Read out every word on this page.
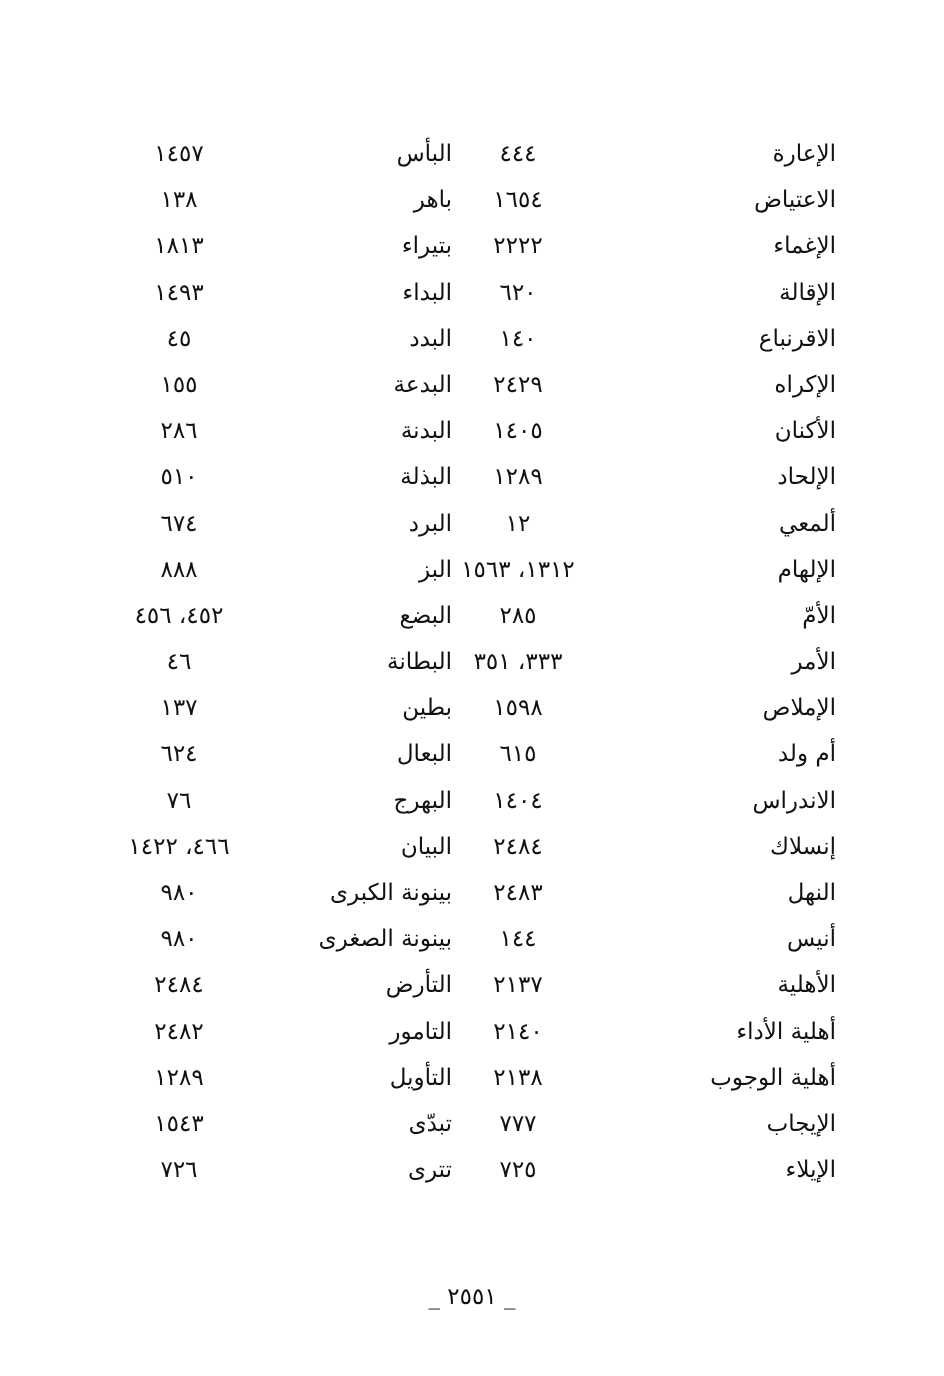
الإعارة
٤٤٤
البأس
١٤٥٧
الاعتياض
١٦٥٤
باهر
١٣٨
الإغماء
٢٢٢٢
بتيراء
١٨١٣
الإقالة
٦٢٠
البداء
١٤٩٣
الاقرنباع
١٤٠
البدد
٤٥
الإكراه
٢٤٢٩
البدعة
١٥٥
الأكنان
١٤٠٥
البدنة
٢٨٦
الإلحاد
١٢٨٩
البذلة
٥١٠
ألمعي
١٢
البرد
٦٧٤
الإلهام
١٣١٢، ١٥٦٣
البز
٨٨٨
الأمّ
٢٨٥
البضع
٤٥٢، ٤٥٦
الأمر
٣٣٣، ٣٥١
البطانة
٤٦
الإملاص
١٥٩٨
بطين
١٣٧
أم ولد
٦١٥
البعال
٦٢٤
الاندراس
١٤٠٤
البهرج
٧٦
إنسلاك
٢٤٨٤
البيان
٤٦٦، ١٤٢٢
النهل
٢٤٨٣
بينونة الكبرى
٩٨٠
أنيس
١٤٤
بينونة الصغرى
٩٨٠
الأهلية
٢١٣٧
التأرض
٢٤٨٤
أهلية الأداء
٢١٤٠
التامور
٢٤٨٢
أهلية الوجوب
٢١٣٨
التأويل
١٢٨٩
الإيجاب
٧٧٧
تبدّى
١٥٤٣
الإيلاء
٧٢٥
تترى
٧٢٦
_ ٢٥٥١ _
